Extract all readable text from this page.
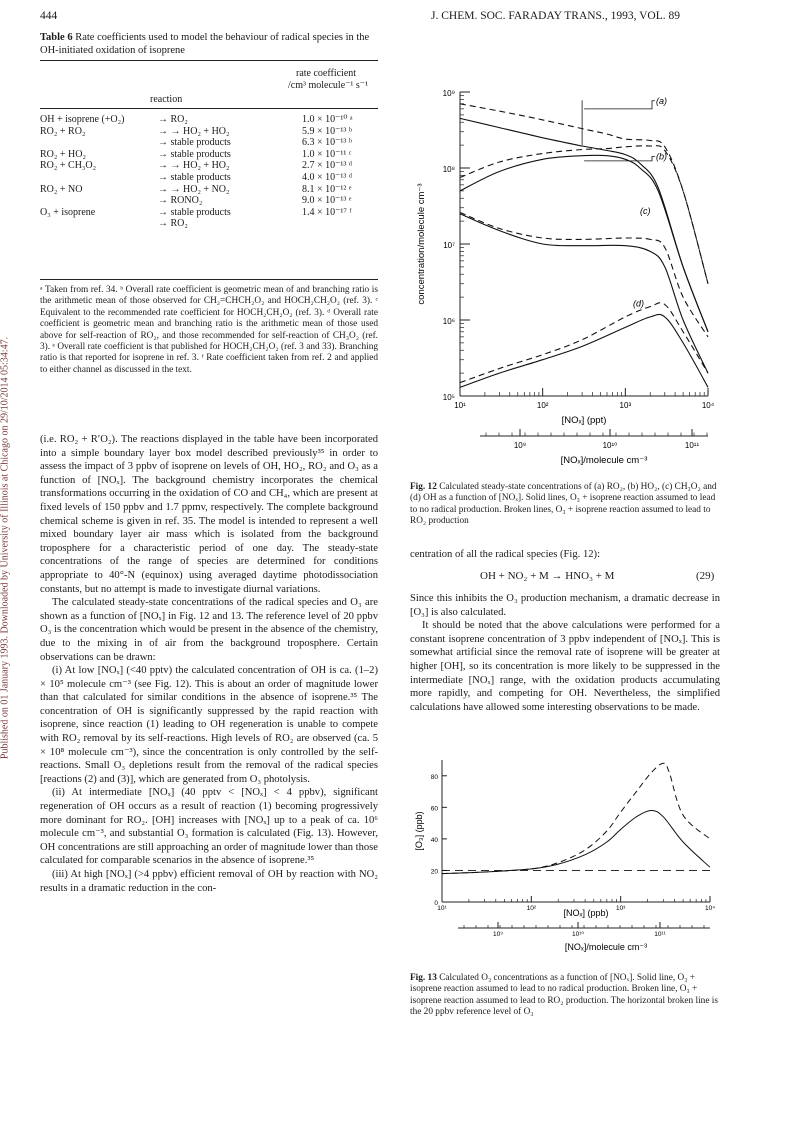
444	J. CHEM. SOC. FARADAY TRANS., 1993, VOL. 89
Published on 01 January 1993. Downloaded by University of Illinois at Chicago on 29/10/2014 05:34:47.
Table 6 Rate coefficients used to model the behaviour of radical species in the OH-initiated oxidation of isoprene
reaction
rate coefficient
/cm³ molecule⁻¹ s⁻¹
OH + isoprene (+O₂)	→ RO₂	1.0 × 10⁻¹⁰ ᵃ
RO₂ + RO₂	→ → HO₂ + HO₂	5.9 × 10⁻¹³ ᵇ
→ stable products	6.3 × 10⁻¹³ ᵇ
RO₂ + HO₂	→ stable products	1.0 × 10⁻¹¹ ᶜ
RO₂ + CH₃O₂	→ → HO₂ + HO₂	2.7 × 10⁻¹³ ᵈ
→ stable products	4.0 × 10⁻¹³ ᵈ
RO₂ + NO	→ → HO₂ + NO₂	8.1 × 10⁻¹² ᵉ
→ RONO₂	9.0 × 10⁻¹³ ᵉ
O₃ + isoprene	→ stable products	1.4 × 10⁻¹⁷ ᶠ
→ RO₂
ᵃ Taken from ref. 34. ᵇ Overall rate coefficient is geometric mean of and branching ratio is the arithmetic mean of those observed for CH₂=CHCH₂O₂ and HOCH₂CH₂O₂ (ref. 3). ᶜ Equivalent to the recommended rate coefficient for HOCH₂CH₂O₂ (ref. 3). ᵈ Overall rate coefficient is geometric mean and branching ratio is the arithmetic mean of those used above for self-reaction of RO₂, and those recommended for self-reaction of CH₃O₂ (ref. 3). ᵉ Overall rate coefficient is that published for HOCH₂CH₂O₂ (ref. 3 and 33). Branching ratio is that reported for isoprene in ref. 3. ᶠ Rate coefficient taken from ref. 2 and applied to either channel as discussed in the text.

(i.e. RO₂ + R′O₂). The reactions displayed in the table have been incorporated into a simple boundary layer box model described previously³⁵ in order to assess the impact of 3 ppbv of isoprene on levels of OH, HO₂, RO₂ and O₃ as a function of [NOₓ]. The background chemistry incorporates the chemical transformations occurring in the oxidation of CO and CH₄, which are present at fixed levels of 150 ppbv and 1.7 ppmv, respectively. The complete background chemical scheme is given in ref. 35. The model is intended to represent a well mixed boundary layer air mass which is isolated from the background troposphere for a characteristic period of one day. The steady-state concentrations of the range of species are determined for conditions appropriate to 40°-N (equinox) using averaged daytime photodissociation constants, but no attempt is made to investigate diurnal variations.

The calculated steady-state concentrations of the radical species and O₃ are shown as a function of [NOₓ] in Fig. 12 and 13. The reference level of 20 ppbv O₃ is the concentration which would be present in the absence of the chemistry, due to the mixing in of air from the background troposphere. Certain observations can be drawn:

(i) At low [NOₓ] (<40 pptv) the calculated concentration of OH is ca. (1–2) × 10⁵ molecule cm⁻³ (see Fig. 12). This is about an order of magnitude lower than that calculated for similar conditions in the absence of isoprene.³⁵ The concentration of OH is significantly suppressed by the rapid reaction with isoprene, since reaction (1) leading to OH regeneration is unable to compete with RO₂ removal by its self-reactions. High levels of RO₂ are observed (ca. 5 × 10⁸ molecule cm⁻³), since the concentration is only controlled by the self-reactions. Small O₃ depletions result from the removal of the radical species [reactions (2) and (3)], which are generated from O₃ photolysis.

(ii) At intermediate [NOₓ] (40 pptv < [NOₓ] < 4 ppbv), significant regeneration of OH occurs as a result of reaction (1) becoming progressively more dominant for RO₂. [OH] increases with [NOₓ] up to a peak of ca. 10⁶ molecule cm⁻³, and substantial O₃ formation is calculated (Fig. 13). However, OH concentrations are still approaching an order of magnitude lower than those calculated for comparable scenarios in the absence of isoprene.³⁵

(iii) At high [NOₓ] (>4 ppbv) efficient removal of OH by reaction with NO₂ results in a dramatic reduction in the con-

10⁵
10⁶
10⁷
10⁸
10⁹
10¹	10²	10³	10⁴
[NOₓ] (ppt)
concentration/molecule cm⁻³
10⁹	10¹⁰	10¹¹
[NOₓ]/molecule cm⁻³
(a)
(b)
(c)
(d)
Fig. 12 Calculated steady-state concentrations of (a) RO₂, (b) HO₂, (c) CH₃O₂ and (d) OH as a function of [NOₓ]. Solid lines, O₃ + isoprene reaction assumed to lead to no radical production. Broken lines, O₃ + isoprene reaction assumed to lead to RO₂ production

centration of all the radical species (Fig. 12):

OH + NO₂ + M → HNO₃ + M	(29)

Since this inhibits the O₃ production mechanism, a dramatic decrease in [O₃] is also calculated.

It should be noted that the above calculations were performed for a constant isoprene concentration of 3 ppbv independent of [NOₓ]. This is somewhat artificial since the removal rate of isoprene will be greater at higher [OH], so its concentration is more likely to be suppressed in the intermediate [NOₓ] range, with the oxidation products accumulating more rapidly, and competing for OH. Nevertheless, the simplified calculations have allowed some interesting observations to be made.

0
20
40
60
80
10¹	10²	10³	10⁴
[NOₓ] (ppb)
[O₃] (ppb)
10⁹	10¹⁰	10¹¹
[NOₓ]/molecule cm⁻³
Fig. 13 Calculated O₃ concentrations as a function of [NOₓ]. Solid line, O₃ + isoprene reaction assumed to lead to no radical production. Broken line, O₃ + isoprene reaction assumed to lead to RO₂ production. The horizontal broken line is the 20 ppbv reference level of O₃
